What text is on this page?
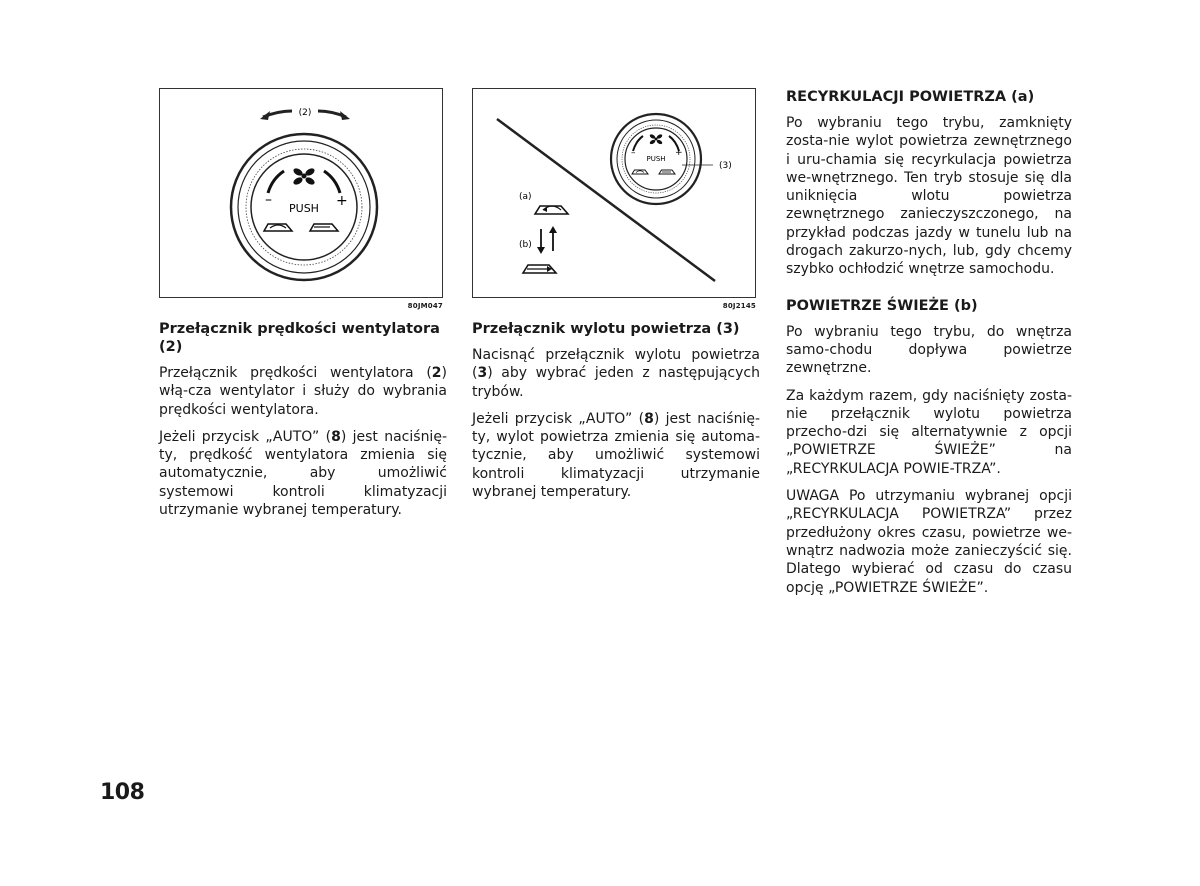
(2)
–	+
PUSH
80JM047
Przełącznik prędkości wentylatora (2)

Przełącznik prędkości wentylatora (2) włą-cza wentylator i służy do wybrania prędkości wentylatora.

Jeżeli przycisk „AUTO” (8) jest naciśnię-ty, prędkość wentylatora zmienia się automatycznie, aby umożliwić systemowi kontroli klimatyzacji utrzymanie wybranej temperatury.

–	+
PUSH
(3)
(a)
(b)
80J2145
Przełącznik wylotu powietrza (3)

Nacisnąć przełącznik wylotu powietrza (3) aby wybrać jeden z następujących trybów.

Jeżeli przycisk „AUTO” (8) jest naciśnię-ty, wylot powietrza zmienia się automa-tycznie, aby umożliwić systemowi kontroli klimatyzacji utrzymanie wybranej temperatury.

RECYRKULACJI POWIETRZA (a)

Po wybraniu tego trybu, zamknięty zosta-nie wylot powietrza zewnętrznego i uru-chamia się recyrkulacja powietrza we-wnętrznego. Ten tryb stosuje się dla uniknięcia wlotu powietrza zewnętrznego zanieczyszczonego, na przykład podczas jazdy w tunelu lub na drogach zakurzo-nych, lub, gdy chcemy szybko ochłodzić wnętrze samochodu.

POWIETRZE ŚWIEŻE (b)

Po wybraniu tego trybu, do wnętrza samo-chodu dopływa powietrze zewnętrzne.

Za każdym razem, gdy naciśnięty zosta-nie przełącznik wylotu powietrza przecho-dzi się alternatywnie z opcji „POWIETRZE ŚWIEŻE” na „RECYRKULACJA POWIE-TRZA”.

UWAGA Po utrzymaniu wybranej opcji „RECYRKULACJA POWIETRZA” przez przedłużony okres czasu, powietrze we-wnątrz nadwozia może zanieczyścić się. Dlatego wybierać od czasu do czasu opcję „POWIETRZE ŚWIEŻE”.

108
